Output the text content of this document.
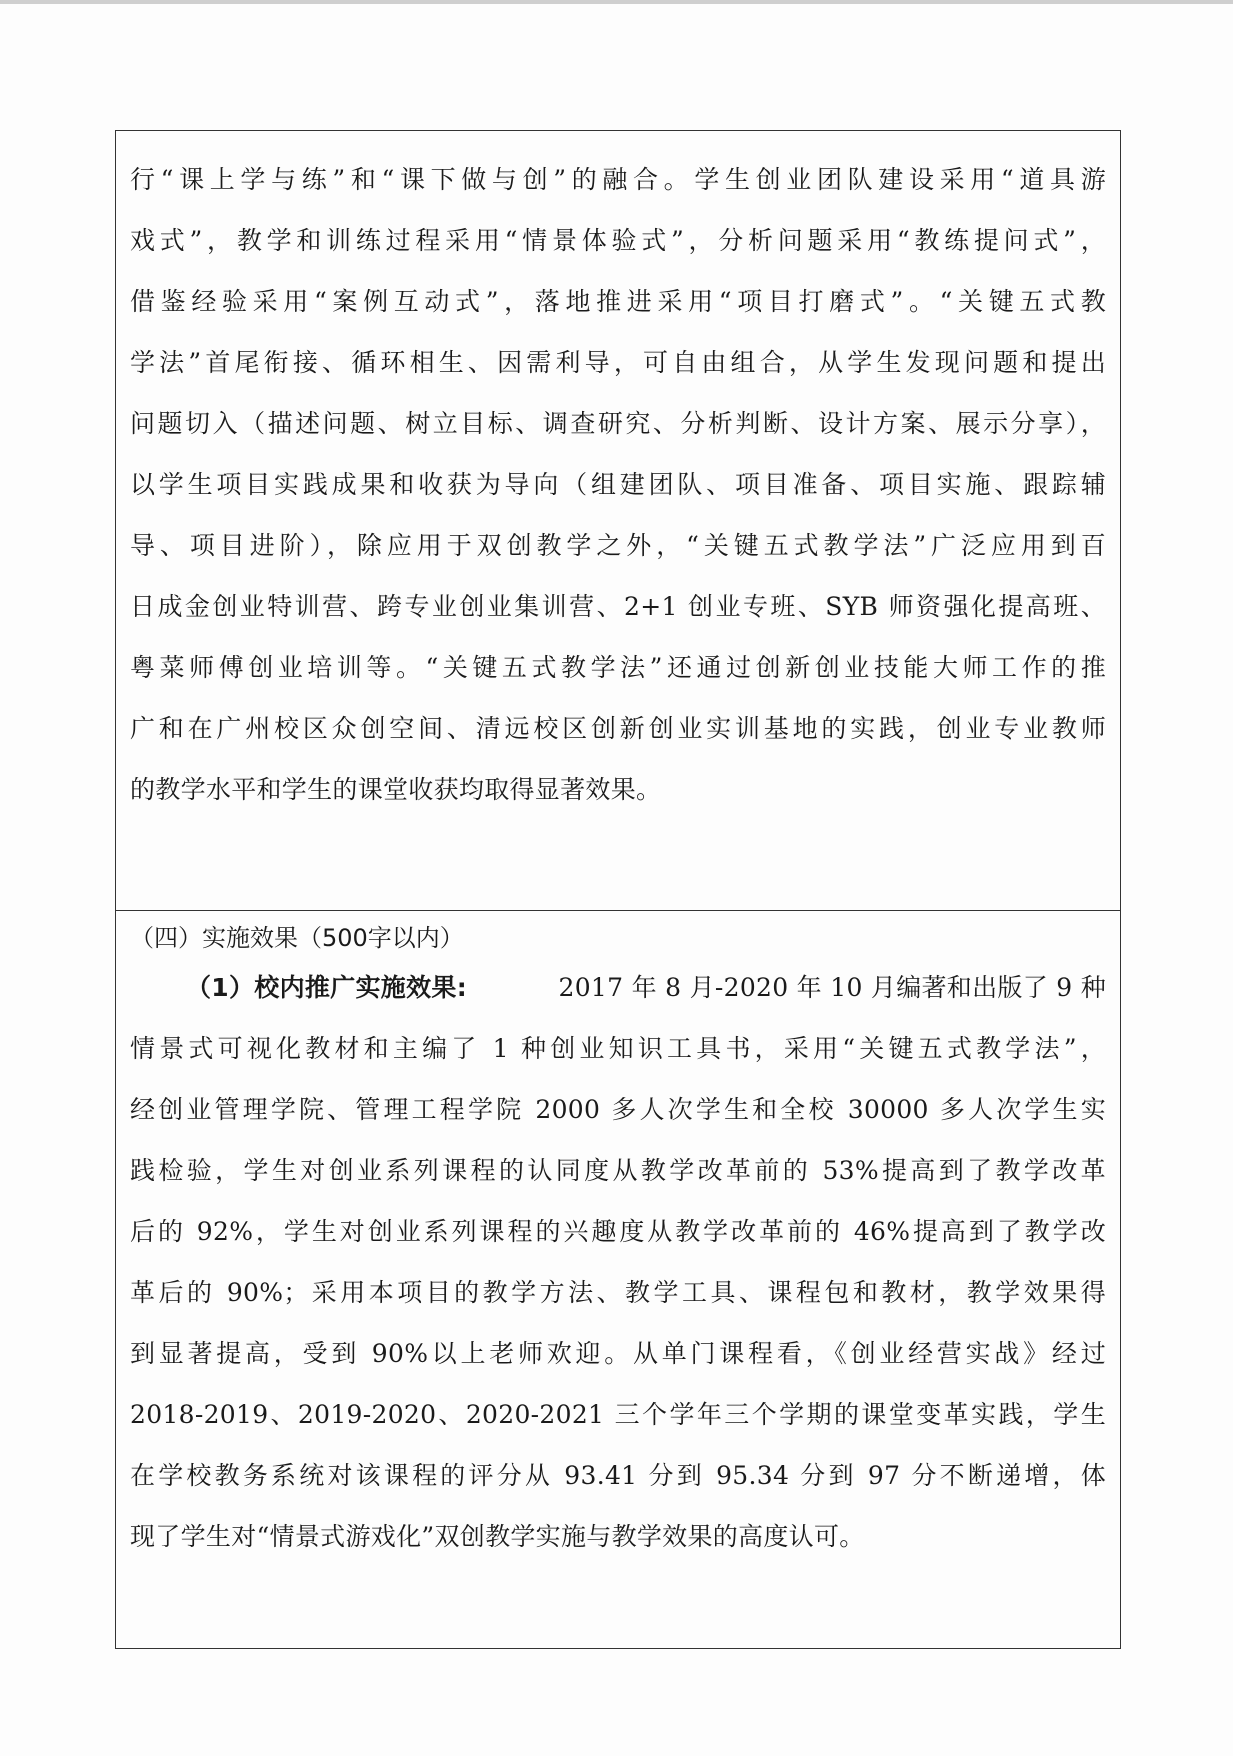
行“课上学与练”和“课下做与创”的融合。学生创业团队建设采用“道具游
戏式”，教学和训练过程采用“情景体验式”，分析问题采用“教练提问式”，
借鉴经验采用“案例互动式”，落地推进采用“项目打磨式”。“关键五式教
学法”首尾衔接、循环相生、因需利导，可自由组合，从学生发现问题和提出
问题切入（描述问题、树立目标、调查研究、分析判断、设计方案、展示分享），
以学生项目实践成果和收获为导向（组建团队、项目准备、项目实施、跟踪辅
导、项目进阶），除应用于双创教学之外，“关键五式教学法”广泛应用到百
日成金创业特训营、跨专业创业集训营、2+1 创业专班、SYB 师资强化提高班、
粤菜师傅创业培训等。“关键五式教学法”还通过创新创业技能大师工作的推
广和在广州校区众创空间、清远校区创新创业实训基地的实践，创业专业教师
的教学水平和学生的课堂收获均取得显著效果。
（四）实施效果（500字以内）
（1）校内推广实施效果:	2017 年 8 月-2020 年 10 月编著和出版了 9 种
情景式可视化教材和主编了 1 种创业知识工具书，采用“关键五式教学法”，
经创业管理学院、管理工程学院 2000 多人次学生和全校 30000 多人次学生实
践检验，学生对创业系列课程的认同度从教学改革前的 53%提高到了教学改革
后的 92%，学生对创业系列课程的兴趣度从教学改革前的 46%提高到了教学改
革后的 90%；采用本项目的教学方法、教学工具、课程包和教材，教学效果得
到显著提高，受到 90%以上老师欢迎。从单门课程看，《创业经营实战》经过
2018-2019、2019-2020、2020-2021 三个学年三个学期的课堂变革实践，学生
在学校教务系统对该课程的评分从 93.41 分到 95.34 分到 97 分不断递增，体
现了学生对“情景式游戏化”双创教学实施与教学效果的高度认可。
